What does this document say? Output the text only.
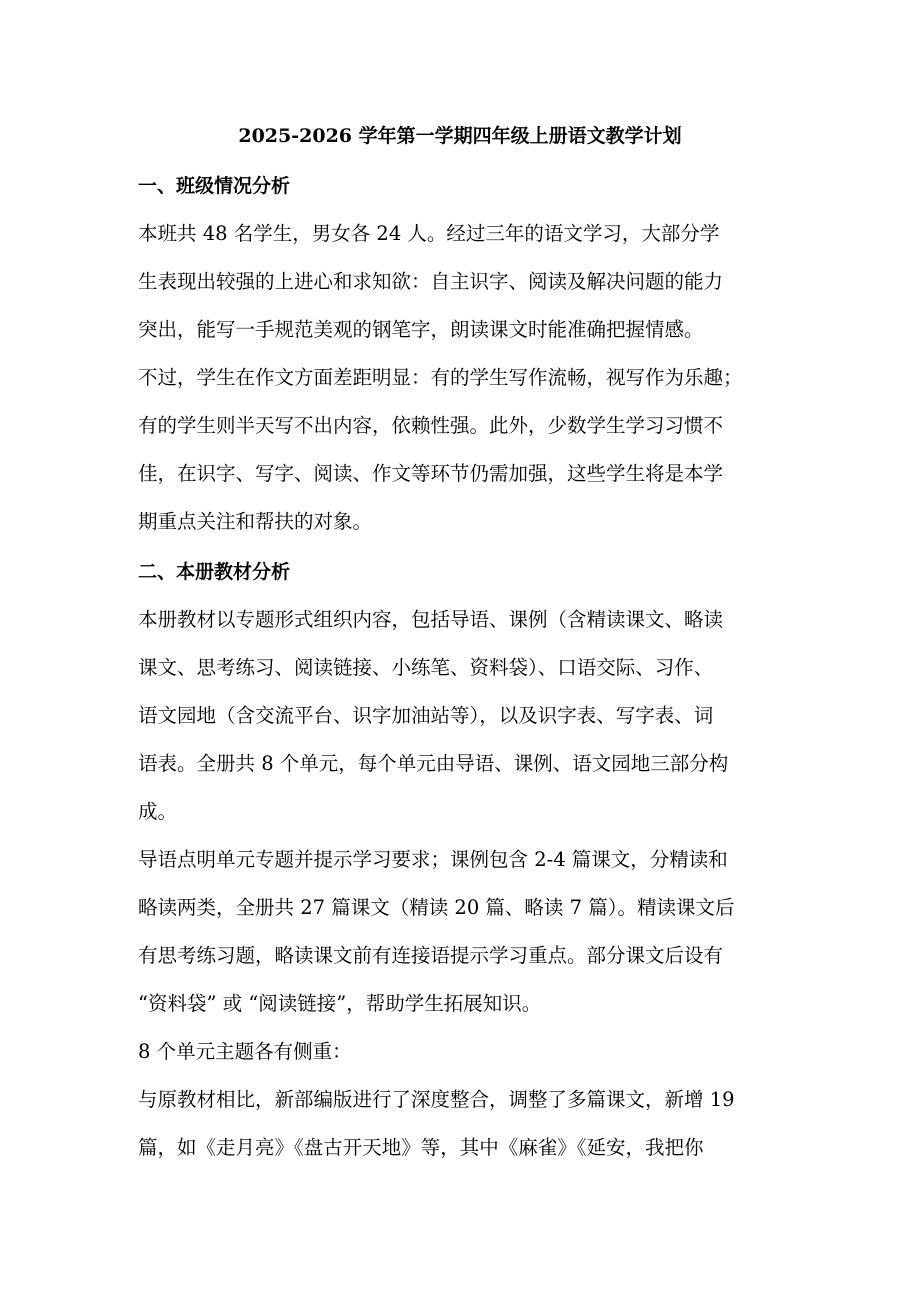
2025-2026 学年第一学期四年级上册语文教学计划
一、班级情况分析
本班共 48 名学生，男女各 24 人。经过三年的语文学习，大部分学
生表现出较强的上进心和求知欲：自主识字、阅读及解决问题的能力
突出，能写一手规范美观的钢笔字，朗读课文时能准确把握情感。
不过，学生在作文方面差距明显：有的学生写作流畅，视写作为乐趣；
有的学生则半天写不出内容，依赖性强。此外，少数学生学习习惯不
佳，在识字、写字、阅读、作文等环节仍需加强，这些学生将是本学
期重点关注和帮扶的对象。
二、本册教材分析
本册教材以专题形式组织内容，包括导语、课例（含精读课文、略读
课文、思考练习、阅读链接、小练笔、资料袋）、口语交际、习作、
语文园地（含交流平台、识字加油站等），以及识字表、写字表、词
语表。全册共 8 个单元，每个单元由导语、课例、语文园地三部分构
成。
导语点明单元专题并提示学习要求；课例包含 2-4 篇课文，分精读和
略读两类，全册共 27 篇课文（精读 20 篇、略读 7 篇）。精读课文后
有思考练习题，略读课文前有连接语提示学习重点。部分课文后设有
“资料袋” 或 “阅读链接”，帮助学生拓展知识。
8 个单元主题各有侧重：
与原教材相比，新部编版进行了深度整合，调整了多篇课文，新增 19
篇，如《走月亮》《盘古开天地》等，其中《麻雀》《延安，我把你
